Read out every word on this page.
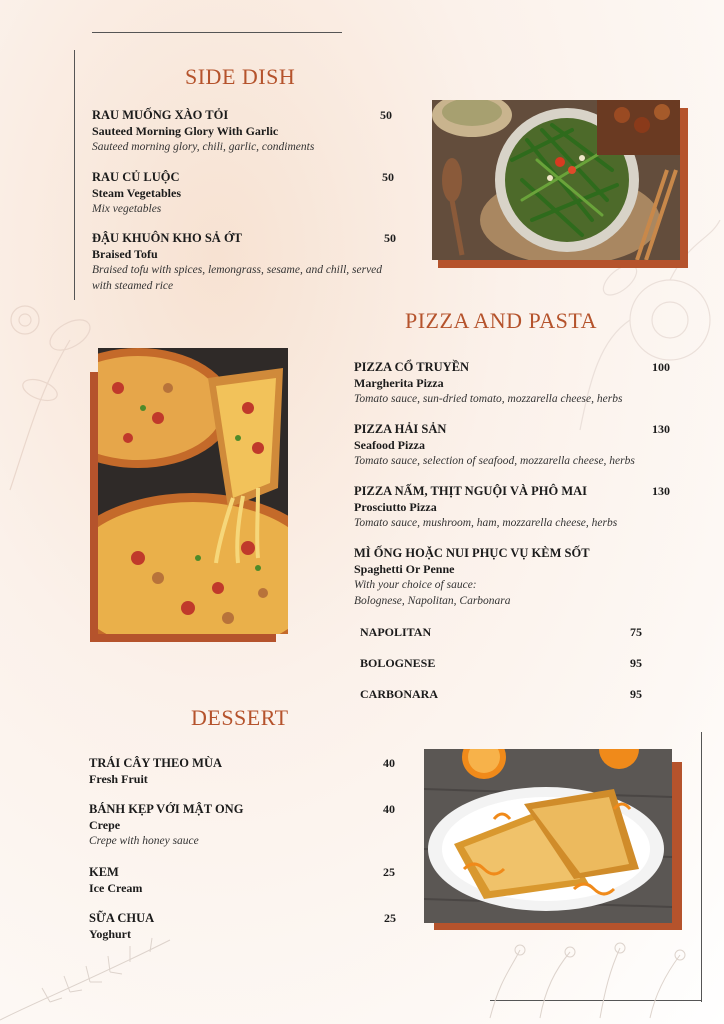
SIDE DISH
RAU MUỐNG XÀO TỎI
Sauteed Morning Glory With Garlic
Sauteed morning glory, chili, garlic, condiments
50
RAU CỦ LUỘC
Steam Vegetables
Mix vegetables
50
ĐẬU KHUÔN KHO SẢ ỚT
Braised Tofu
Braised tofu with spices, lemongrass, sesame, and chill, served with steamed rice
50
PIZZA AND PASTA
PIZZA CỔ TRUYỀN
Margherita Pizza
Tomato sauce, sun-dried tomato, mozzarella cheese, herbs
100
PIZZA HẢI SẢN
Seafood Pizza
Tomato sauce, selection of seafood, mozzarella cheese, herbs
130
PIZZA NẤM, THỊT NGUỘI VÀ PHÔ MAI
Prosciutto Pizza
Tomato sauce, mushroom, ham, mozzarella cheese, herbs
130
MÌ ỐNG HOẶC NUI PHỤC VỤ KÈM SỐT
Spaghetti Or Penne
With your choice of sauce:
Bolognese, Napolitan, Carbonara
NAPOLITAN	75
BOLOGNESE	95
CARBONARA	95
DESSERT
TRÁI CÂY THEO MÙA
Fresh Fruit
40
BÁNH KẸP VỚI MẬT ONG
Crepe
Crepe with honey sauce
40
KEM
Ice Cream
25
SỮA CHUA
Yoghurt
25
